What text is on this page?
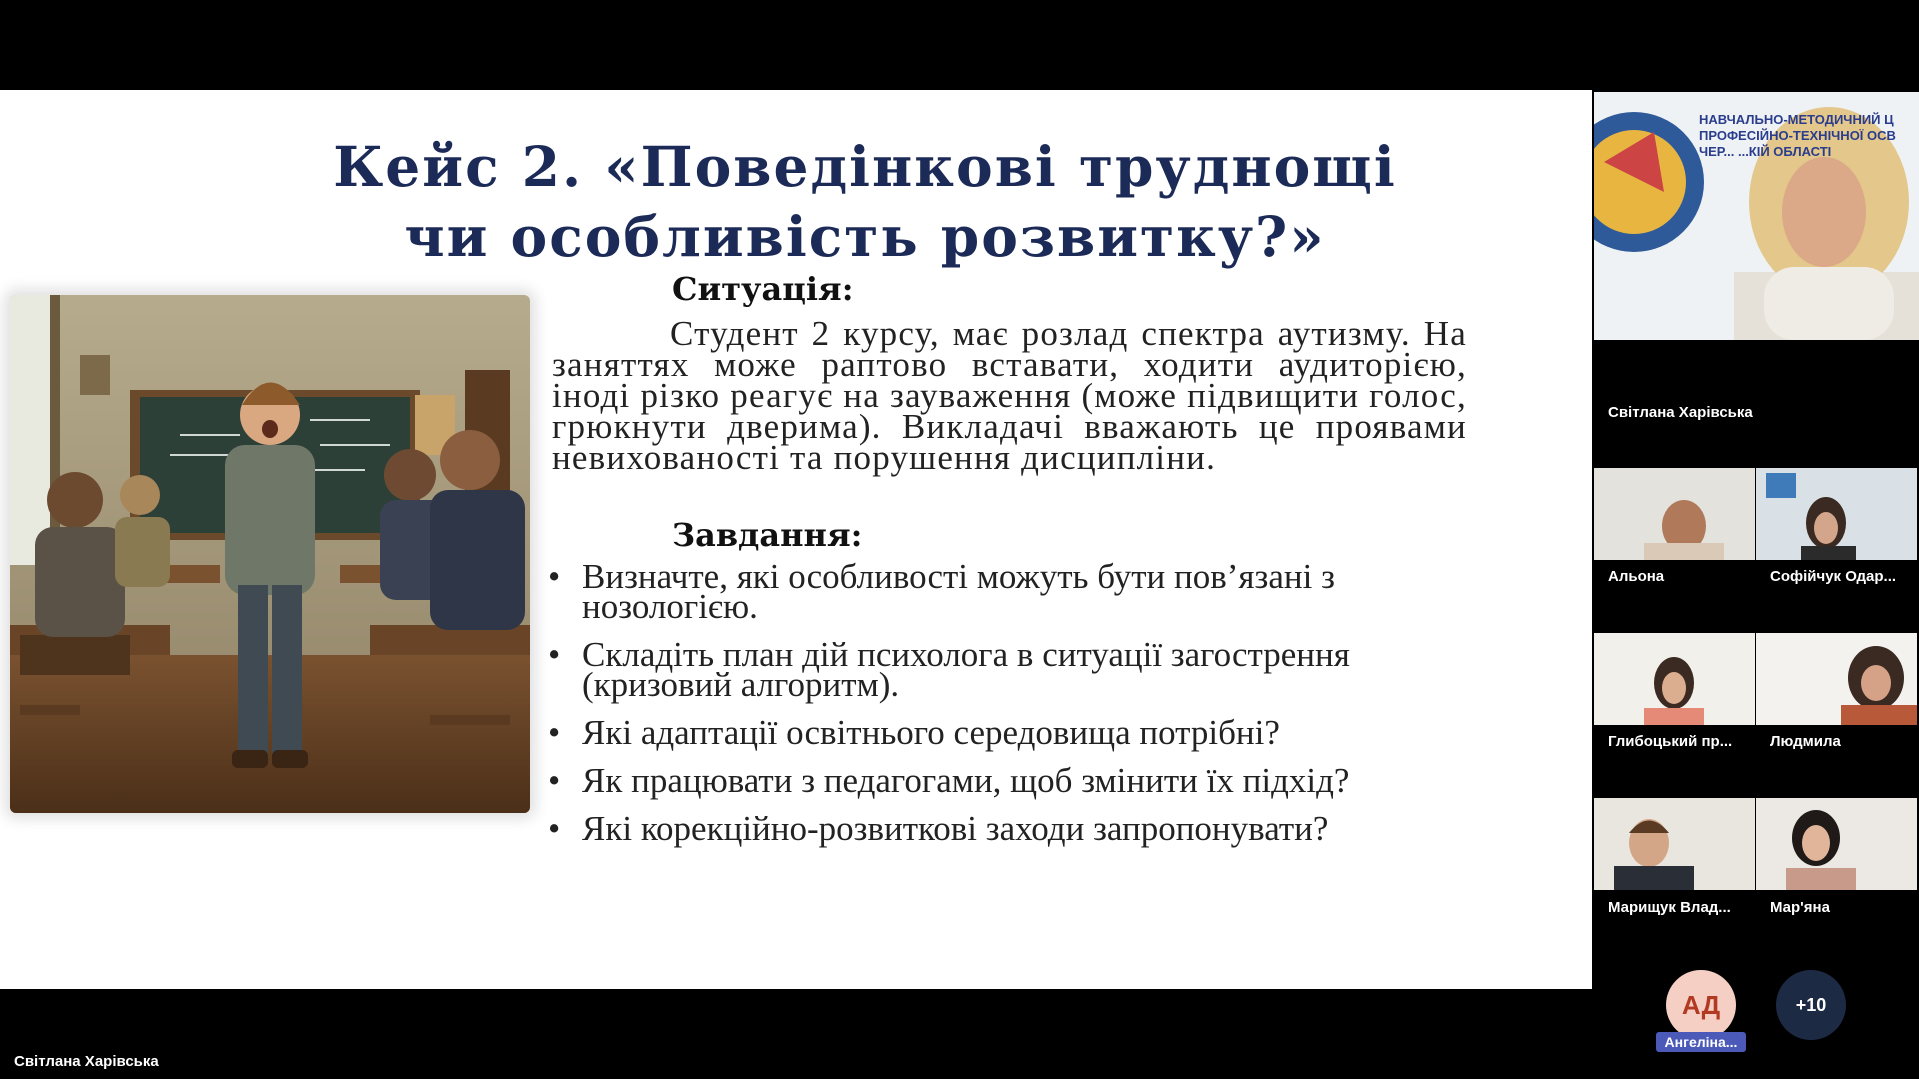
Кейс 2. «Поведінкові труднощі
чи особливість розвитку?»
Ситуація:
Студент 2 курсу, має розлад спектра аутизму. На заняттях може раптово вставати, ходити аудиторією, іноді різко реагує на зауваження (може підвищити голос, грюкнути дверима). Викладачі вважають це проявами невихованості та порушення дисципліни.
Завдання:
• Визначте, які особливості можуть бути пов’язані з нозологією.
• Складіть план дій психолога в ситуації загострення (кризовий алгоритм).
• Які адаптації освітнього середовища потрібні?
• Як працювати з педагогами, щоб змінити їх підхід?
• Які корекційно-розвиткові заходи запропонувати?
НАВЧАЛЬНО-МЕТОДИЧНИЙ Ц
ПРОФЕСІЙНО-ТЕХНІЧНОЇ ОСВ
ЧЕР... ...КІЙ ОБЛАСТІ
Світлана Харівська
Альона	Софійчук Одар...
Глибоцький пр...	Людмила
Марищук Влад...	Мар'яна
АД
Ангеліна...
+10
Світлана Харівська
